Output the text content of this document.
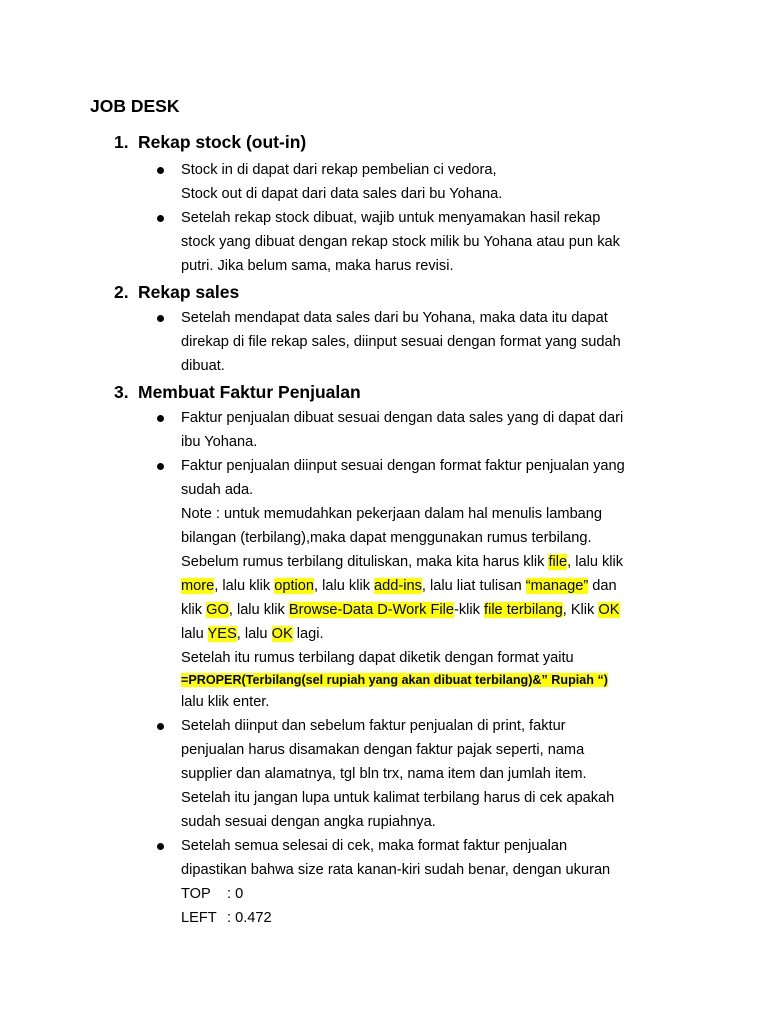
JOB DESK
1. Rekap stock (out-in)
Stock in di dapat dari rekap pembelian ci vedora,
Stock out di dapat dari data sales dari bu Yohana.
Setelah rekap stock dibuat, wajib untuk menyamakan hasil rekap
stock yang dibuat dengan rekap stock milik bu Yohana atau pun kak
putri. Jika belum sama, maka harus revisi.
2. Rekap sales
Setelah mendapat data sales dari bu Yohana, maka data itu dapat
direkap di file rekap sales, diinput sesuai dengan format yang sudah
dibuat.
3. Membuat Faktur Penjualan
Faktur penjualan dibuat sesuai dengan data sales yang di dapat dari
ibu Yohana.
Faktur penjualan diinput sesuai dengan format faktur penjualan yang
sudah ada.
Note : untuk memudahkan pekerjaan dalam hal menulis lambang
bilangan (terbilang),maka dapat menggunakan rumus terbilang.
Sebelum rumus terbilang dituliskan, maka kita harus klik file, lalu klik
more, lalu klik option, lalu klik add-ins, lalu liat tulisan “manage” dan
klik GO, lalu klik Browse-Data D-Work File-klik file terbilang, Klik OK
lalu YES, lalu OK lagi.
Setelah itu rumus terbilang dapat diketik dengan format yaitu
=PROPER(Terbilang(sel rupiah yang akan dibuat terbilang)&” Rupiah “)
lalu klik enter.
Setelah diinput dan sebelum faktur penjualan di print, faktur
penjualan harus disamakan dengan faktur pajak seperti, nama
supplier dan alamatnya, tgl bln trx, nama item dan jumlah item.
Setelah itu jangan lupa untuk kalimat terbilang harus di cek apakah
sudah sesuai dengan angka rupiahnya.
Setelah semua selesai di cek, maka format faktur penjualan
dipastikan bahwa size rata kanan-kiri sudah benar, dengan ukuran
TOP : 0
LEFT : 0.472
